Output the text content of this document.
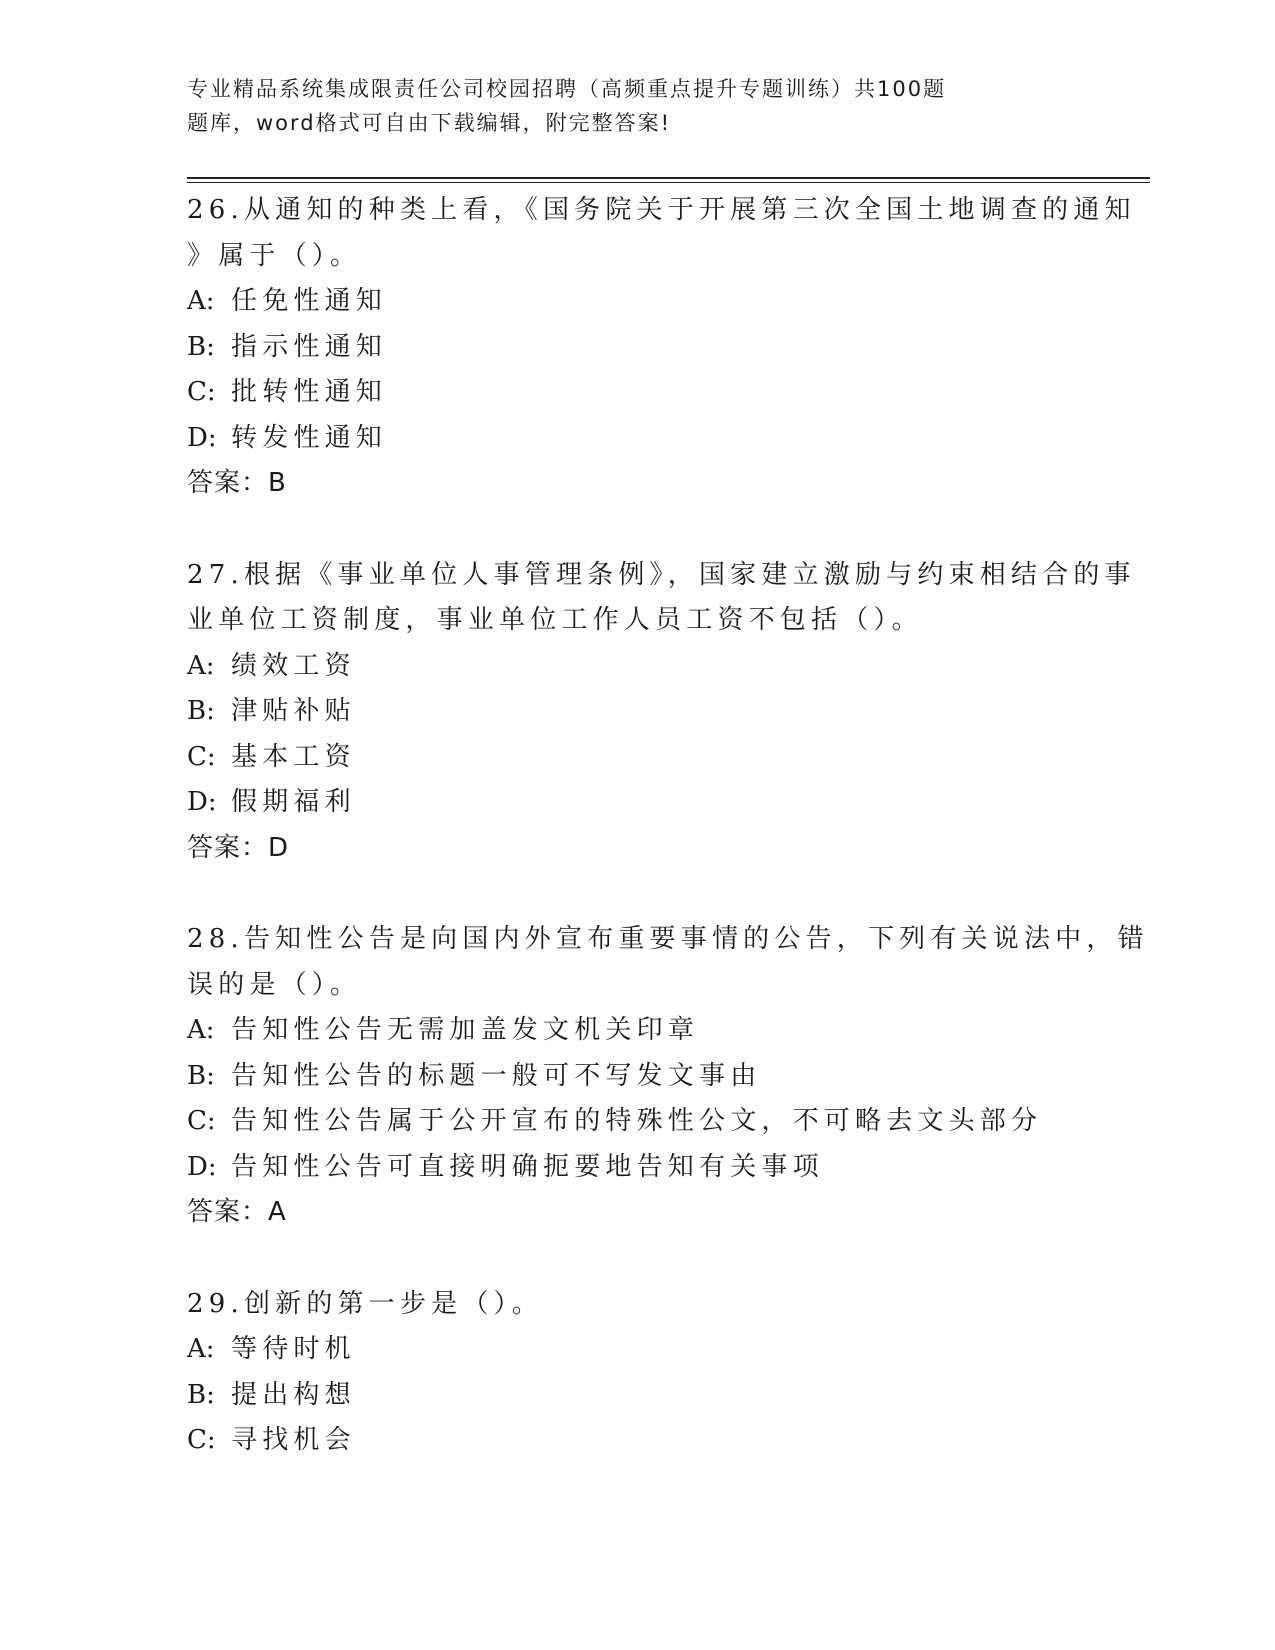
专业精品系统集成限责任公司校园招聘（高频重点提升专题训练）共100题
题库，word格式可自由下载编辑，附完整答案!
26.从通知的种类上看，《国务院关于开展第三次全国土地调查的通知
》属于（）。
A: 任免性通知
B: 指示性通知
C: 批转性通知
D: 转发性通知
答案：B
27.根据《事业单位人事管理条例》，国家建立激励与约束相结合的事
业单位工资制度，事业单位工作人员工资不包括（）。
A: 绩效工资
B: 津贴补贴
C: 基本工资
D: 假期福利
答案：D
28.告知性公告是向国内外宣布重要事情的公告，下列有关说法中，错
误的是（）。
A: 告知性公告无需加盖发文机关印章
B: 告知性公告的标题一般可不写发文事由
C: 告知性公告属于公开宣布的特殊性公文，不可略去文头部分
D: 告知性公告可直接明确扼要地告知有关事项
答案：A
29.创新的第一步是（）。
A: 等待时机
B: 提出构想
C: 寻找机会
